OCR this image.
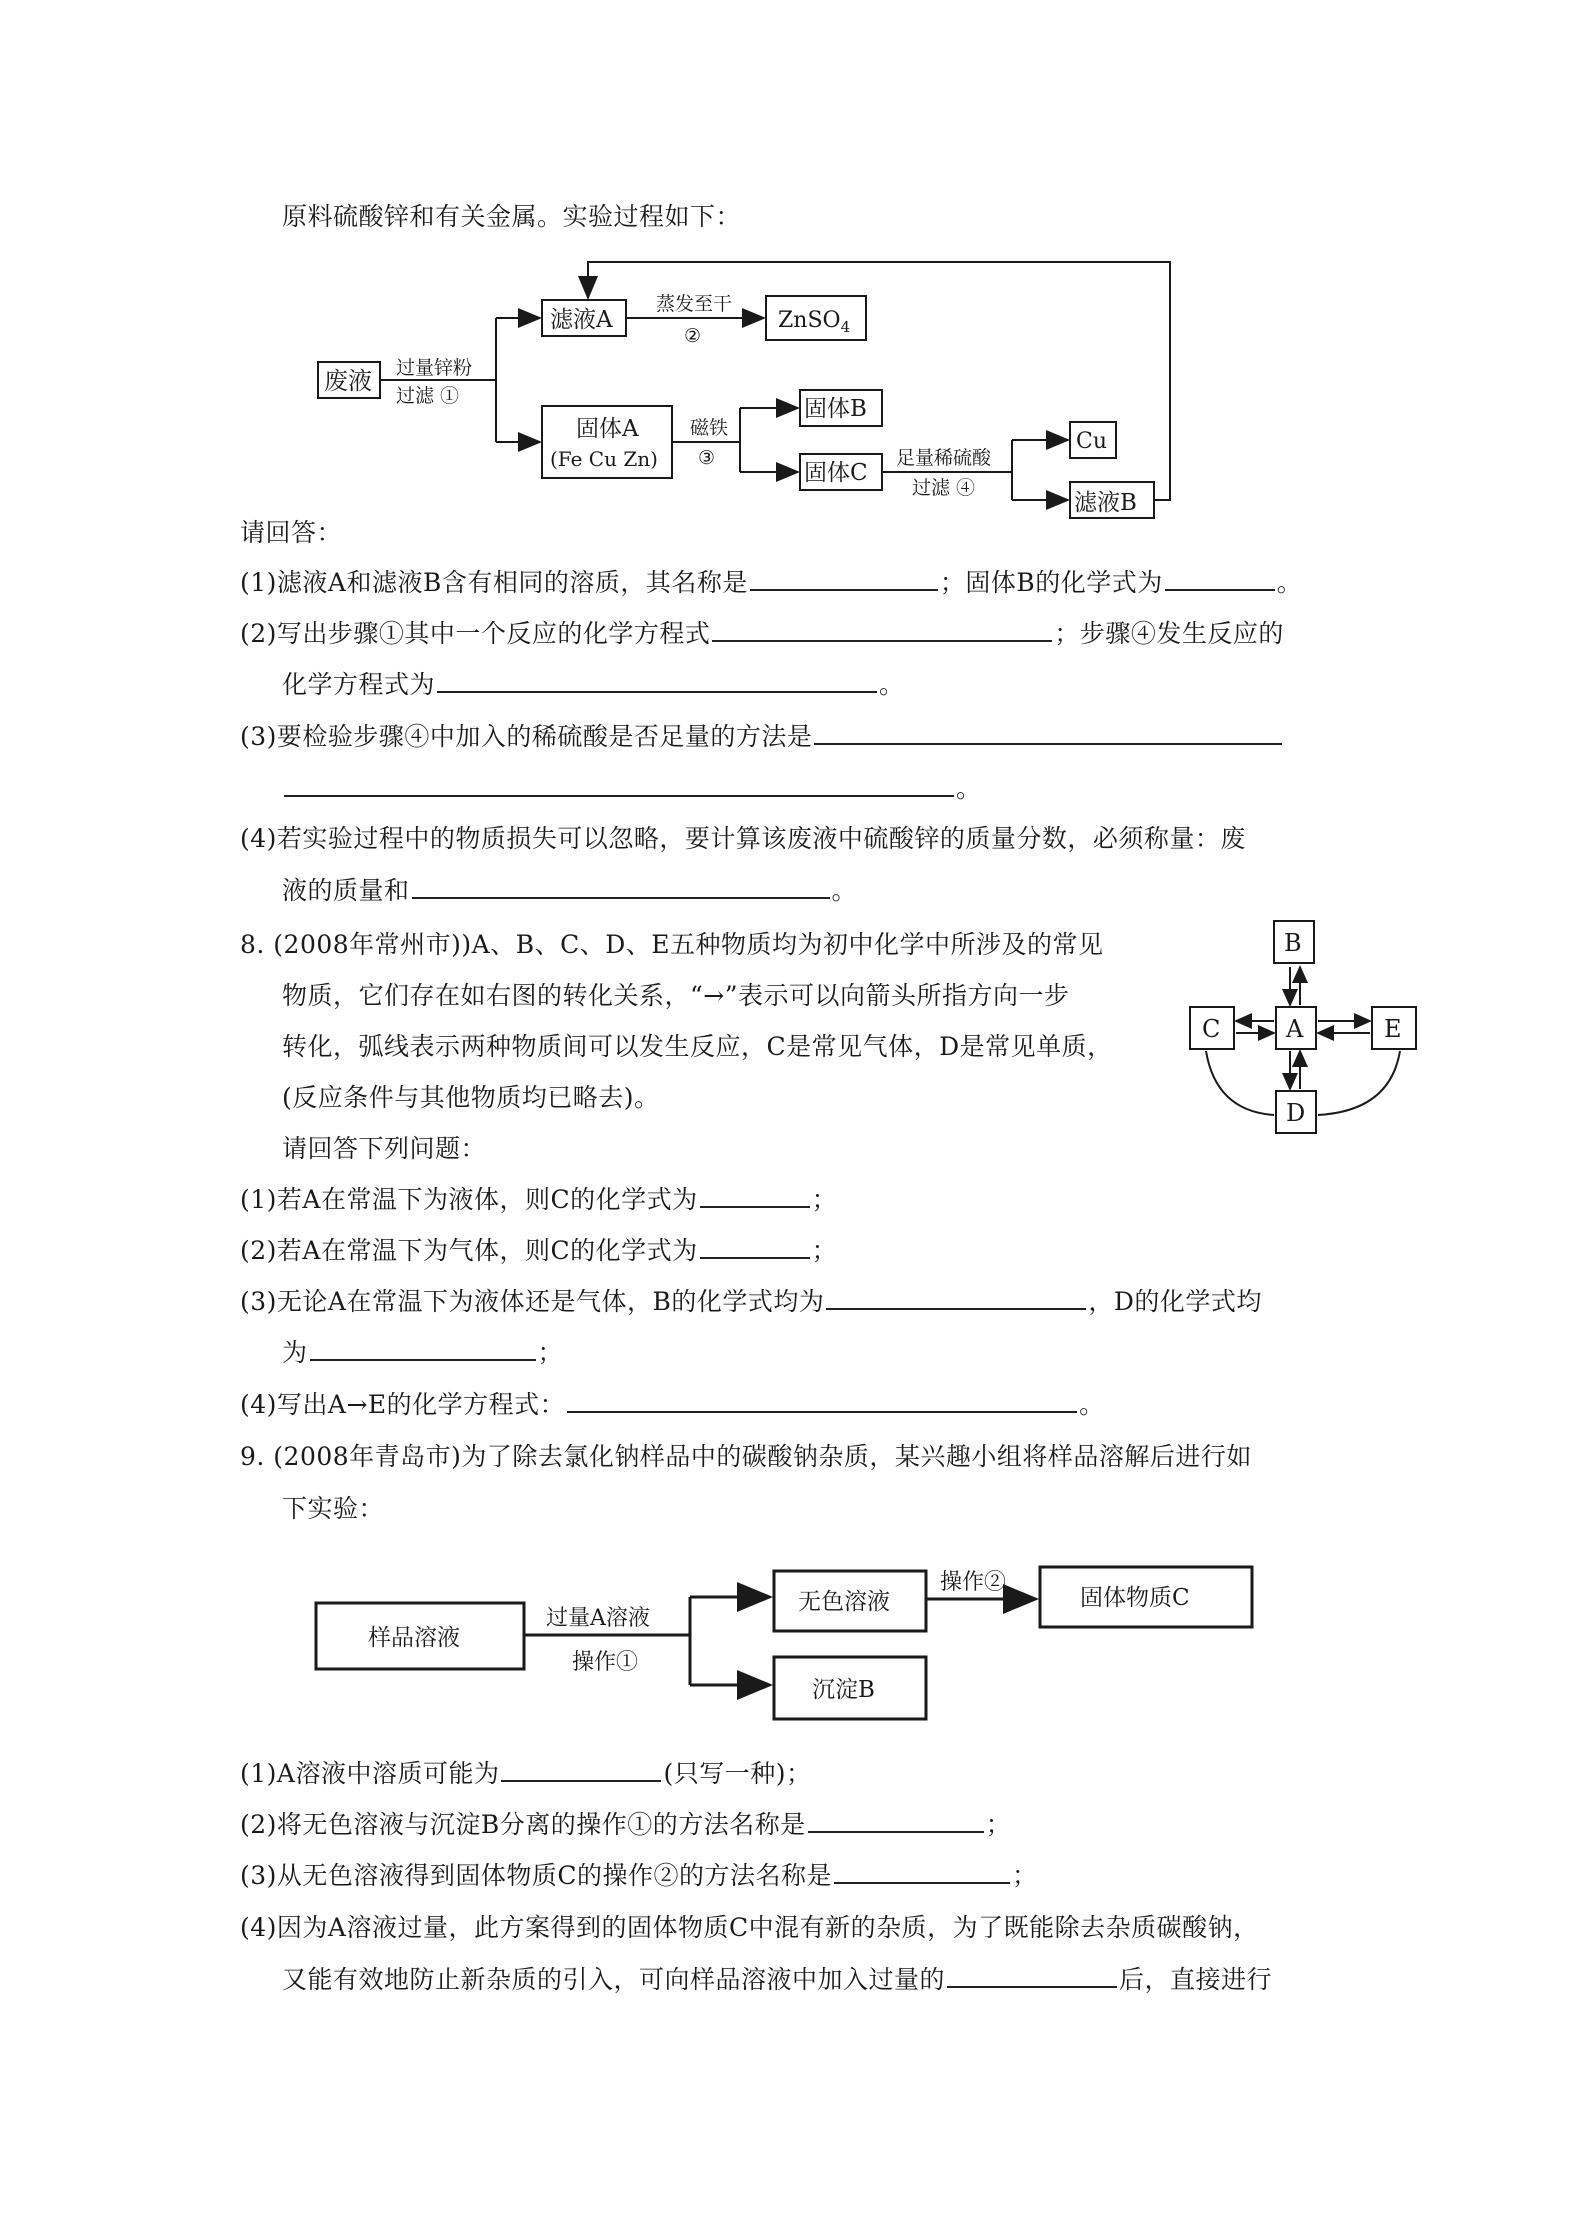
原料硫酸锌和有关金属。实验过程如下：
废液 过量锌粉
过滤 ①
滤液A
蒸发至干
②
ZnSO$_4$
固体A
(Fe Cu Zn)
磁铁
③
固体B
固体C
足量稀硫酸
过滤 ④
Cu
滤液B
请回答：
(1)滤液A和滤液B含有相同的溶质，其名称是	；固体B的化学式为	。
(2)写出步骤①其中一个反应的化学方程式	；步骤④发生反应的
化学方程式为	。
(3)要检验步骤④中加入的稀硫酸是否足量的方法是
。
(4)若实验过程中的物质损失可以忽略，要计算该废液中硫酸锌的质量分数，必须称量：废
液的质量和	。
8. (2008年常州市))A、B、C、D、E五种物质均为初中化学中所涉及的常见
物质，它们存在如右图的转化关系，“→”表示可以向箭头所指方向一步
转化，弧线表示两种物质间可以发生反应，C是常见气体，D是常见单质，
(反应条件与其他物质均已略去)。
请回答下列问题：
B
A
C	E
D
(1)若A在常温下为液体，则C的化学式为	；
(2)若A在常温下为气体，则C的化学式为	；
(3)无论A在常温下为液体还是气体，B的化学式均为	，D的化学式均
为	；
(4)写出A→E的化学方程式：	。
9. (2008年青岛市)为了除去氯化钠样品中的碳酸钠杂质，某兴趣小组将样品溶解后进行如
下实验：
样品溶液
过量A溶液
操作①
无色溶液
操作②
固体物质C
沉淀B
(1)A溶液中溶质可能为	(只写一种)；
(2)将无色溶液与沉淀B分离的操作①的方法名称是	；
(3)从无色溶液得到固体物质C的操作②的方法名称是	；
(4)因为A溶液过量，此方案得到的固体物质C中混有新的杂质，为了既能除去杂质碳酸钠，
又能有效地防止新杂质的引入，可向样品溶液中加入过量的	后，直接进行
